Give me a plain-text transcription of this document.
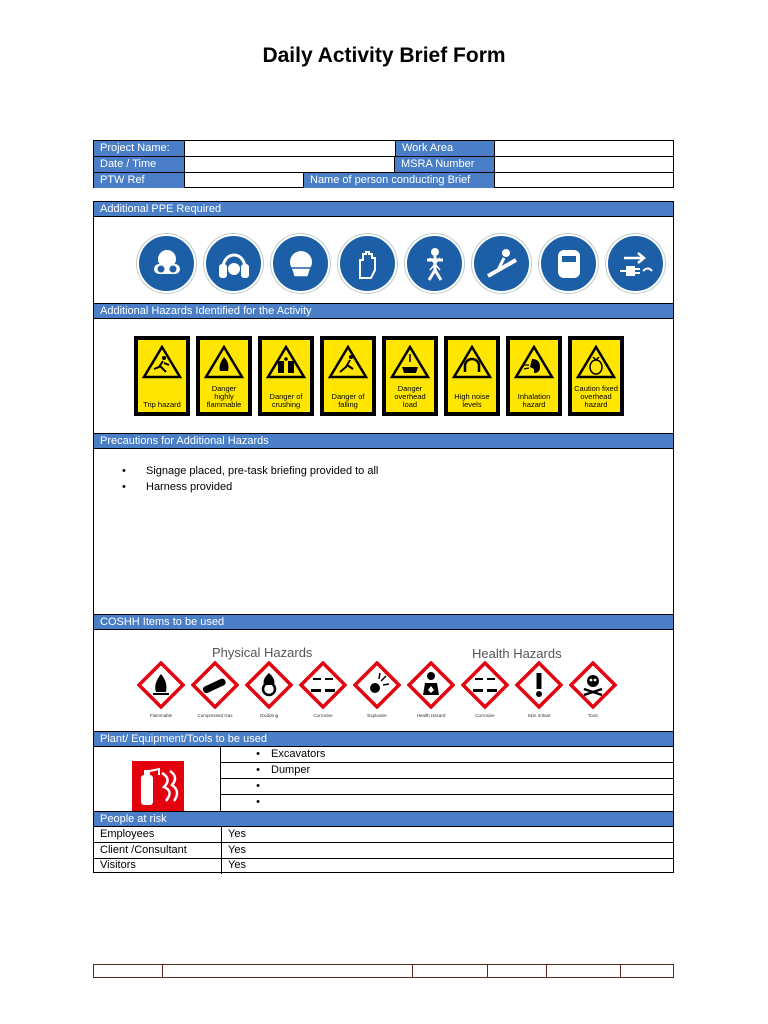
Daily Activity Brief Form
Project Name:	Work Area
Date / Time	MSRA Number
PTW Ref	Name of person conducting Brief
Additional PPE Required
Additional Hazards Identified for the Activity
Trip hazard
Danger highly flammable
Danger of crushing
Danger of falling
Danger overhead load
High noise levels
Inhalation hazard
Caution fixed overhead hazard
Precautions for Additional Hazards
• Signage placed, pre-task briefing provided to all
• Harness provided
COSHH Items to be used
Physical Hazards	Health Hazards
Flammable	Compressed Gas	Oxidizing	Corrosive	Explosive	Health Hazard	Corrosive	Skin Irritant	Toxic
Plant/ Equipment/Tools to be used
• Excavators
• Dumper
•
•
People at risk
Employees	Yes
Client /Consultant	Yes
Visitors	Yes
